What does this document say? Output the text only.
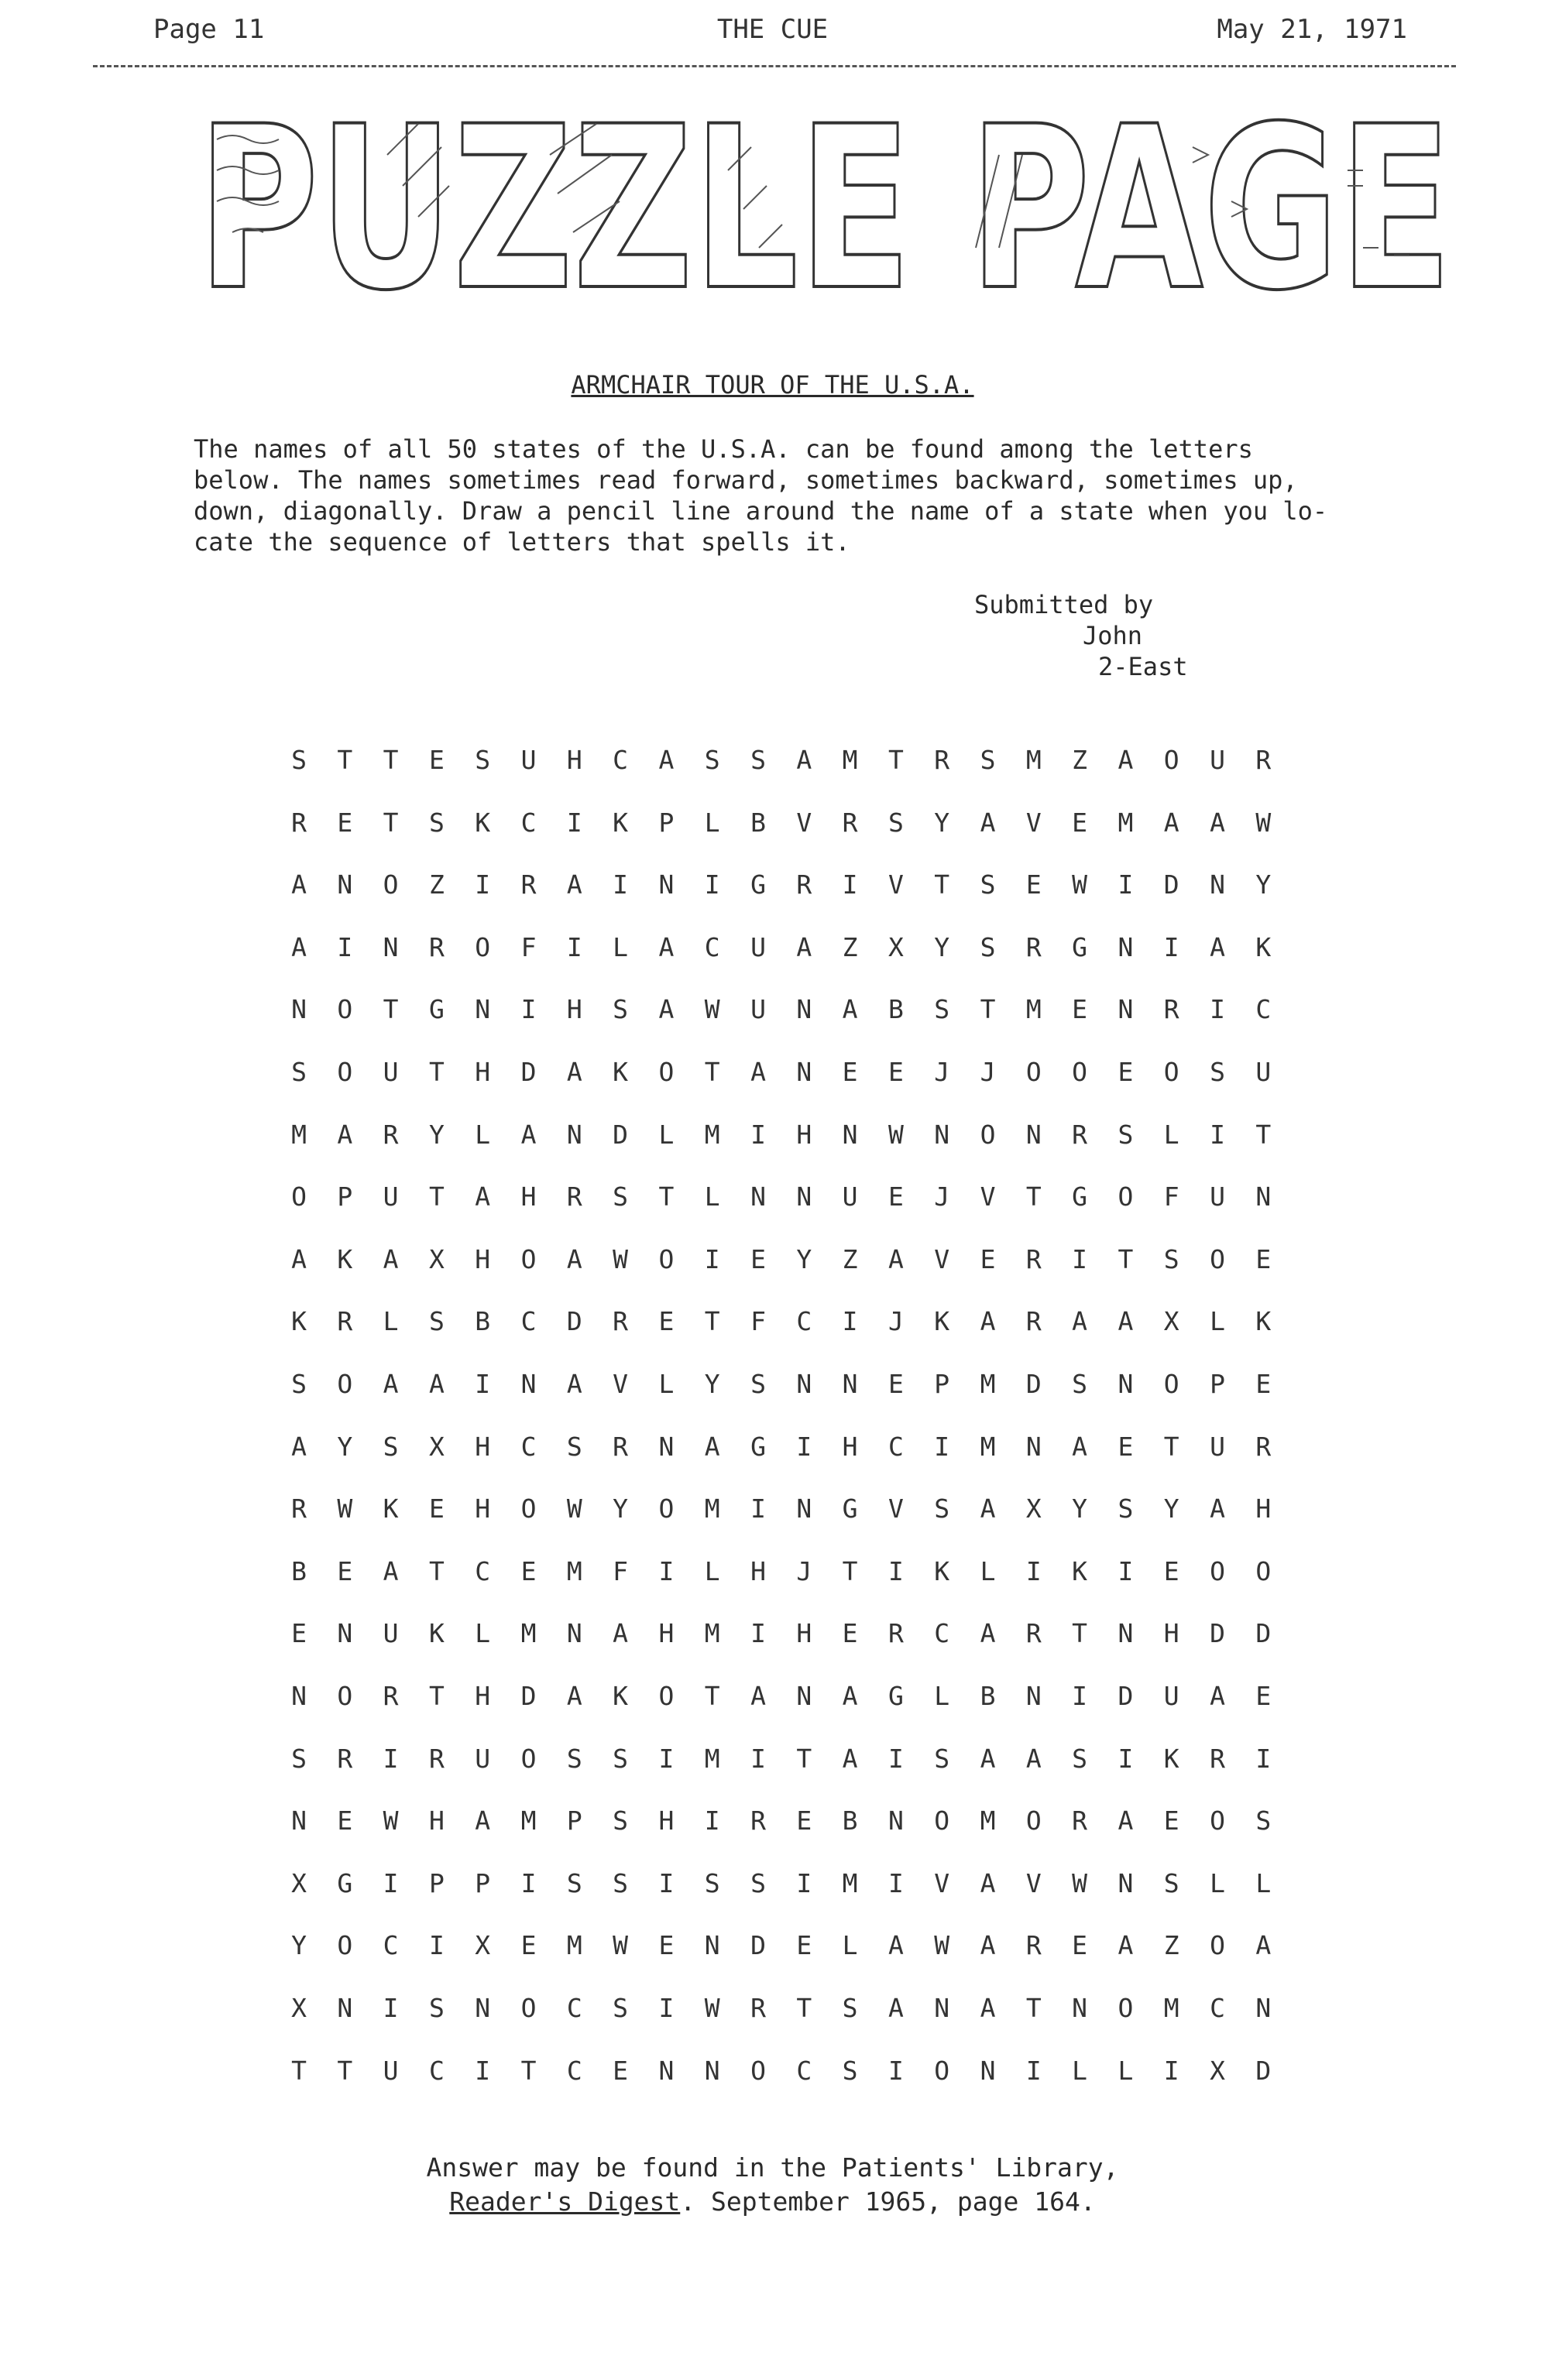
Page 11	THE CUE	May 21, 1971
PUZZLE PAGE
ARMCHAIR TOUR OF THE U.S.A.
The names of all 50 states of the U.S.A. can be found among the letters
below. The names sometimes read forward, sometimes backward, sometimes up,
down, diagonally. Draw a pencil line around the name of a state when you lo-
cate the sequence of letters that spells it.
Submitted by
John
2-East
S	T	T	E	S	U	H	C	A	S	S	A	M	T	R	S	M	Z	A	O	U	R
R	E	T	S	K	C	I	K	P	L	B	V	R	S	Y	A	V	E	M	A	A	W
A	N	O	Z	I	R	A	I	N	I	G	R	I	V	T	S	E	W	I	D	N	Y
A	I	N	R	O	F	I	L	A	C	U	A	Z	X	Y	S	R	G	N	I	A	K
N	O	T	G	N	I	H	S	A	W	U	N	A	B	S	T	M	E	N	R	I	C
S	O	U	T	H	D	A	K	O	T	A	N	E	E	J	J	O	O	E	O	S	U
M	A	R	Y	L	A	N	D	L	M	I	H	N	W	N	O	N	R	S	L	I	T
O	P	U	T	A	H	R	S	T	L	N	N	U	E	J	V	T	G	O	F	U	N
A	K	A	X	H	O	A	W	O	I	E	Y	Z	A	V	E	R	I	T	S	O	E
K	R	L	S	B	C	D	R	E	T	F	C	I	J	K	A	R	A	A	X	L	K
S	O	A	A	I	N	A	V	L	Y	S	N	N	E	P	M	D	S	N	O	P	E
A	Y	S	X	H	C	S	R	N	A	G	I	H	C	I	M	N	A	E	T	U	R
R	W	K	E	H	O	W	Y	O	M	I	N	G	V	S	A	X	Y	S	Y	A	H
B	E	A	T	C	E	M	F	I	L	H	J	T	I	K	L	I	K	I	E	O	O
E	N	U	K	L	M	N	A	H	M	I	H	E	R	C	A	R	T	N	H	D	D
N	O	R	T	H	D	A	K	O	T	A	N	A	G	L	B	N	I	D	U	A	E
S	R	I	R	U	O	S	S	I	M	I	T	A	I	S	A	A	S	I	K	R	I
N	E	W	H	A	M	P	S	H	I	R	E	B	N	O	M	O	R	A	E	O	S
X	G	I	P	P	I	S	S	I	S	S	I	M	I	V	A	V	W	N	S	L	L
Y	O	C	I	X	E	M	W	E	N	D	E	L	A	W	A	R	E	A	Z	O	A
X	N	I	S	N	O	C	S	I	W	R	T	S	A	N	A	T	N	O	M	C	N
T	T	U	C	I	T	C	E	N	N	O	C	S	I	O	N	I	L	L	I	X	D
Answer may be found in the Patients' Library,
Reader's Digest. September 1965, page 164.
